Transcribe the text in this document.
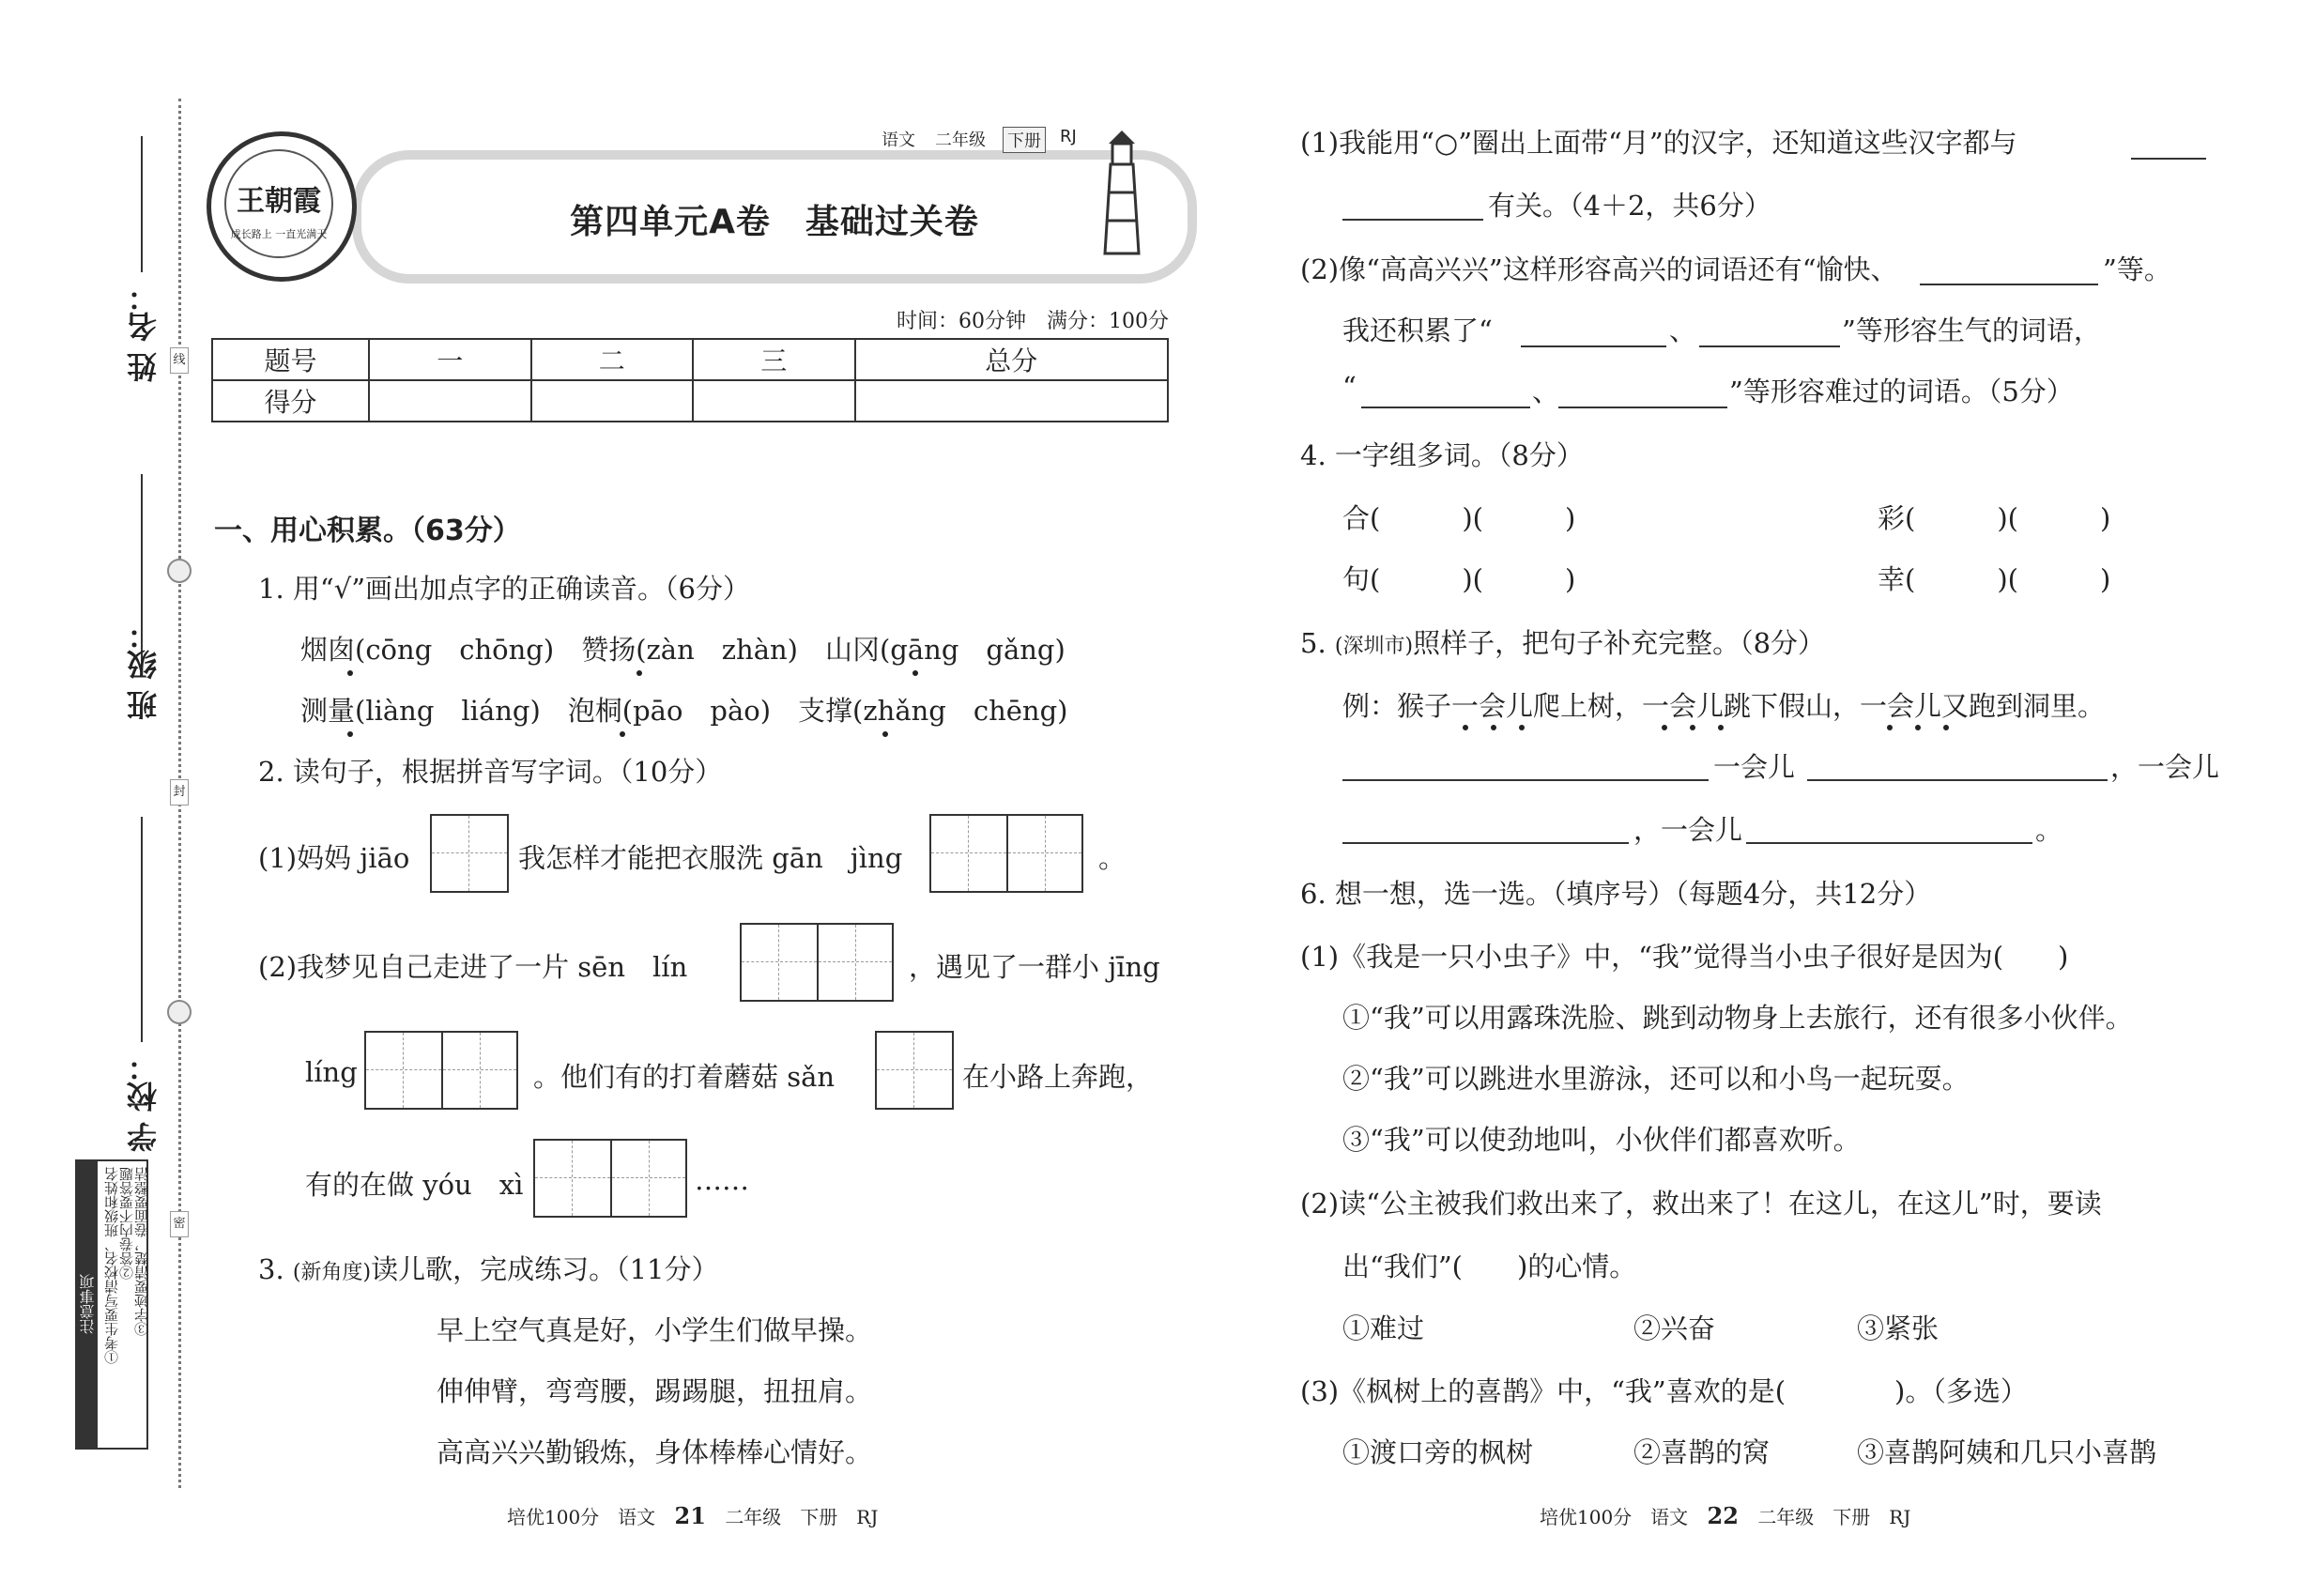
线
封
密
姓 名：
班 级：
学 校：
注意事项 ①考生要写清校名、班级和姓名
②答卷内不要答题
③字迹要清楚，卷面要整洁
第四单元A卷　基础过关卷
王朝霞
成长路上 一直光满天
语文 二年级 下册 RJ
时间：60分钟　满分：100分
题号	一	二	三	总分
得分				
一、用心积累。（63分）
1. 用“√”画出加点字的正确读音。（6分）
烟囱(cōng　chōng)　赞扬(zàn　zhàn)　山冈(gāng　gǎng)
测量(liàng　liáng)　泡桐(pāo　pào)　支撑(zhǎng　chēng)
2. 读句子，根据拼音写字词。（10分）
(1)妈妈 jiāo	我怎样才能把衣服洗 gān　jìng	。
(2)我梦见自己走进了一片 sēn　lín	，遇见了一群小 jīng
líng	。他们有的打着蘑菇 sǎn	在小路上奔跑，
有的在做 yóu　xì	……
3. (新角度)读儿歌，完成练习。（11分）
早上空气真是好，小学生们做早操。
伸伸臂，弯弯腰，踢踢腿，扭扭肩。
高高兴兴勤锻炼，身体棒棒心情好。
培优100分　语文 21 二年级　下册　RJ
(1)我能用“○”圈出上面带“月”的汉字，还知道这些汉字都与
有关。（4＋2，共6分）
(2)像“高高兴兴”这样形容高兴的词语还有“愉快、	”等。
我还积累了“	、	”等形容生气的词语，
“	、	”等形容难过的词语。（5分）
4. 一字组多词。（8分）
合(　　　)(　　　)	彩(　　　)(　　　)
句(　　　)(　　　)	幸(　　　)(　　　)
5. (深圳市)照样子，把句子补充完整。（8分）
例：猴子一会儿爬上树，一会儿跳下假山，一会儿又跑到洞里。
一会儿	，一会儿
，一会儿	。
6. 想一想，选一选。（填序号）（每题4分，共12分）
(1)《我是一只小虫子》中，“我”觉得当小虫子很好是因为(　　)
①“我”可以用露珠洗脸、跳到动物身上去旅行，还有很多小伙伴。
②“我”可以跳进水里游泳，还可以和小鸟一起玩耍。
③“我”可以使劲地叫，小伙伴们都喜欢听。
(2)读“公主被我们救出来了，救出来了！在这儿，在这儿”时，要读
出“我们”(　　)的心情。
①难过	②兴奋	③紧张
(3)《枫树上的喜鹊》中，“我”喜欢的是(　　　　)。（多选）
①渡口旁的枫树	②喜鹊的窝	③喜鹊阿姨和几只小喜鹊
培优100分　语文 22 二年级　下册　RJ
